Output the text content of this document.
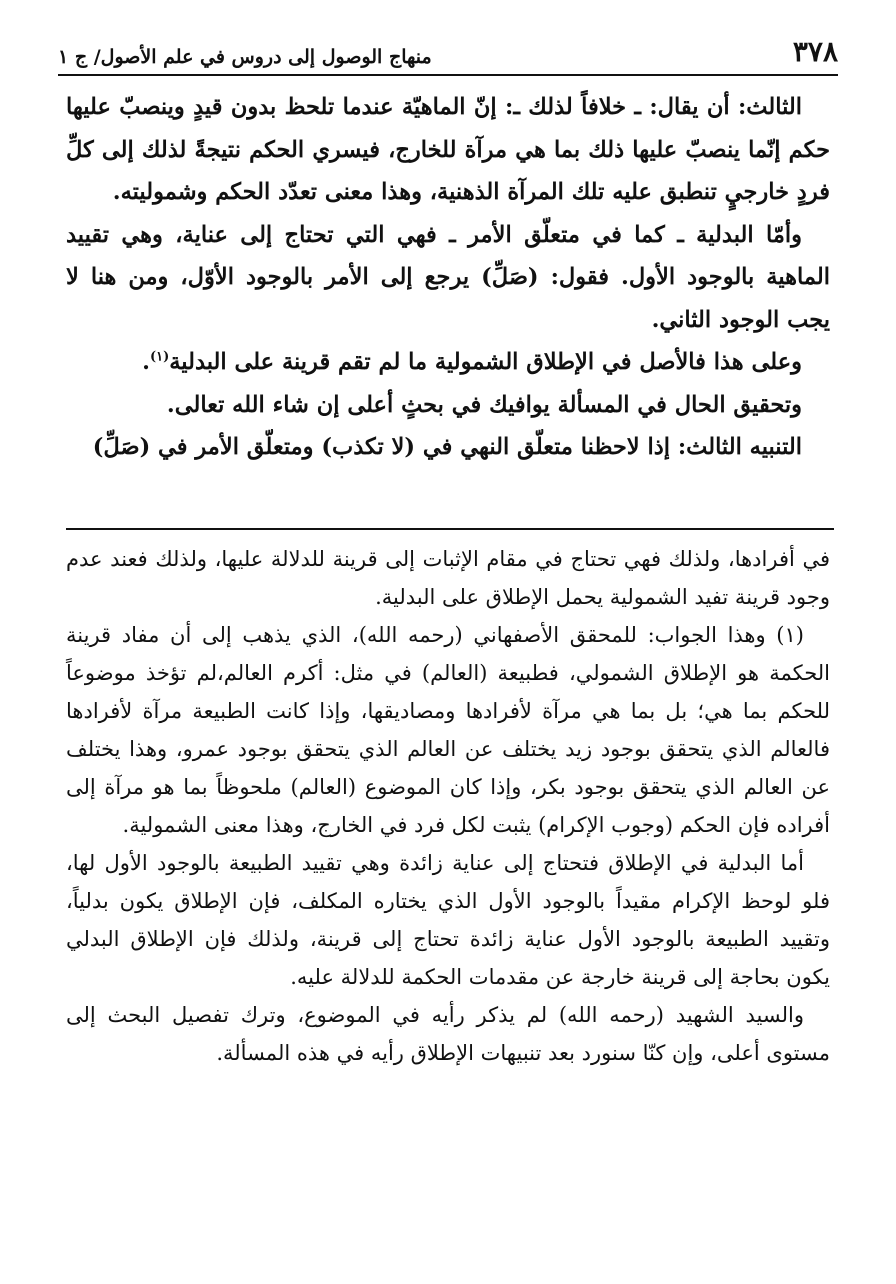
٣٧٨
منهاج الوصول إلى دروس في علم الأصول/ ج ١

الثالث: أن يقال: ـ خلافاً لذلك ـ: إنّ الماهيّة عندما تلحظ بدون قيدٍ وينصبّ عليها حكم إنّما ينصبّ عليها ذلك بما هي مرآة للخارج، فيسري الحكم نتيجةً لذلك إلى كلِّ فردٍ خارجيٍ تنطبق عليه تلك المرآة الذهنية، وهذا معنى تعدّد الحكم وشموليته.

وأمّا البدلية ـ كما في متعلّق الأمر ـ فهي التي تحتاج إلى عناية، وهي تقييد الماهية بالوجود الأول. فقول: (صَلِّ) يرجع إلى الأمر بالوجود الأوّل، ومن هنا لا يجب الوجود الثاني.

وعلى هذا فالأصل في الإطلاق الشمولية ما لم تقم قرينة على البدلية$^{(١)}$.

وتحقيق الحال في المسألة يوافيك في بحثٍ أعلى إن شاء الله تعالى.

التنبيه الثالث: إذا لاحظنا متعلّق النهي في (لا تكذب) ومتعلّق الأمر في (صَلِّ)

في أفرادها، ولذلك فهي تحتاج في مقام الإثبات إلى قرينة للدلالة عليها، ولذلك فعند عدم وجود قرينة تفيد الشمولية يحمل الإطلاق على البدلية.

(١) وهذا الجواب: للمحقق الأصفهاني (رحمه الله)، الذي يذهب إلى أن مفاد قرينة الحكمة هو الإطلاق الشمولي، فطبيعة (العالم) في مثل: أكرم العالم،لم تؤخذ موضوعاً للحكم بما هي؛ بل بما هي مرآة لأفرادها ومصاديقها، وإذا كانت الطبيعة مرآة لأفرادها فالعالم الذي يتحقق بوجود زيد يختلف عن العالم الذي يتحقق بوجود عمرو، وهذا يختلف عن العالم الذي يتحقق بوجود بكر، وإذا كان الموضوع (العالم) ملحوظاً بما هو مرآة إلى أفراده فإن الحكم (وجوب الإكرام) يثبت لكل فرد في الخارج، وهذا معنى الشمولية.

أما البدلية في الإطلاق فتحتاج إلى عناية زائدة وهي تقييد الطبيعة بالوجود الأول لها، فلو لوحظ الإكرام مقيداً بالوجود الأول الذي يختاره المكلف، فإن الإطلاق يكون بدلياً، وتقييد الطبيعة بالوجود الأول عناية زائدة تحتاج إلى قرينة، ولذلك فإن الإطلاق البدلي يكون بحاجة إلى قرينة خارجة عن مقدمات الحكمة للدلالة عليه.

والسيد الشهيد (رحمه الله) لم يذكر رأيه في الموضوع، وترك تفصيل البحث إلى مستوى أعلى، وإن كنّا سنورد بعد تنبيهات الإطلاق رأيه في هذه المسألة.
